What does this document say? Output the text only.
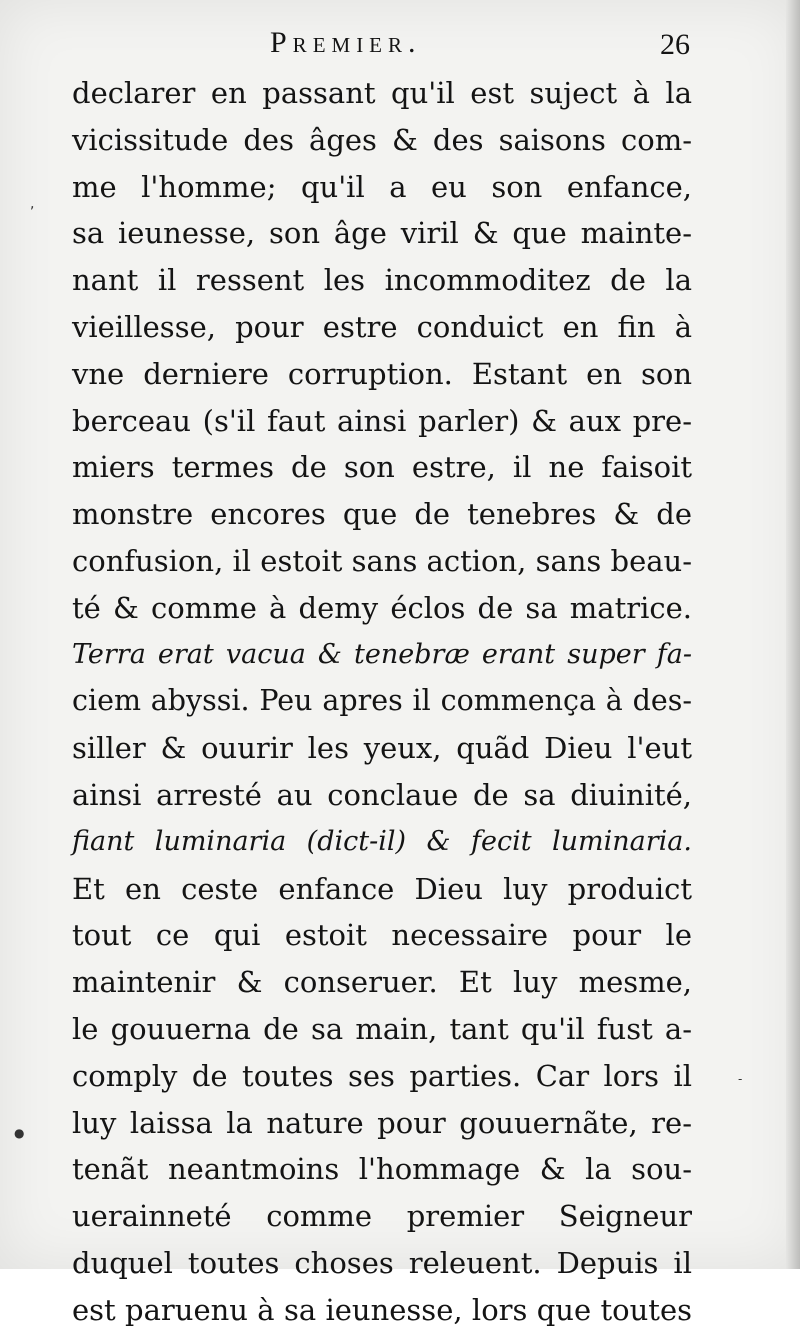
Premier.	26
,
●
-
declarer en passant qu'il est suject à la
vicissitude des âges & des saisons com-
me l'homme; qu'il a eu son enfance,
sa ieunesse, son âge viril & que mainte-
nant il ressent les incommoditez de la
vieillesse, pour estre conduict en fin à
vne derniere corruption. Estant en son
berceau (s'il faut ainsi parler) & aux pre-
miers termes de son estre, il ne faisoit
monstre encores que de tenebres & de
confusion, il estoit sans action, sans beau-
té & comme à demy éclos de sa matrice.
Terra erat vacua & tenebræ erant super fa-
ciem abyssi. Peu apres il commença à des-
siller & ouurir les yeux, quãd Dieu l'eut
ainsi arresté au conclaue de sa diuinité,
fiant luminaria (dict-il) & fecit luminaria.
Et en ceste enfance Dieu luy produict
tout ce qui estoit necessaire pour le
maintenir & conseruer. Et luy mesme,
le gouuerna de sa main, tant qu'il fust a-
comply de toutes ses parties. Car lors il
luy laissa la nature pour gouuernãte, re-
tenãt neantmoins l'hommage & la sou-
uerainneté comme premier Seigneur
duquel toutes choses releuent. Depuis il
est paruenu à sa ieunesse, lors que toutes
